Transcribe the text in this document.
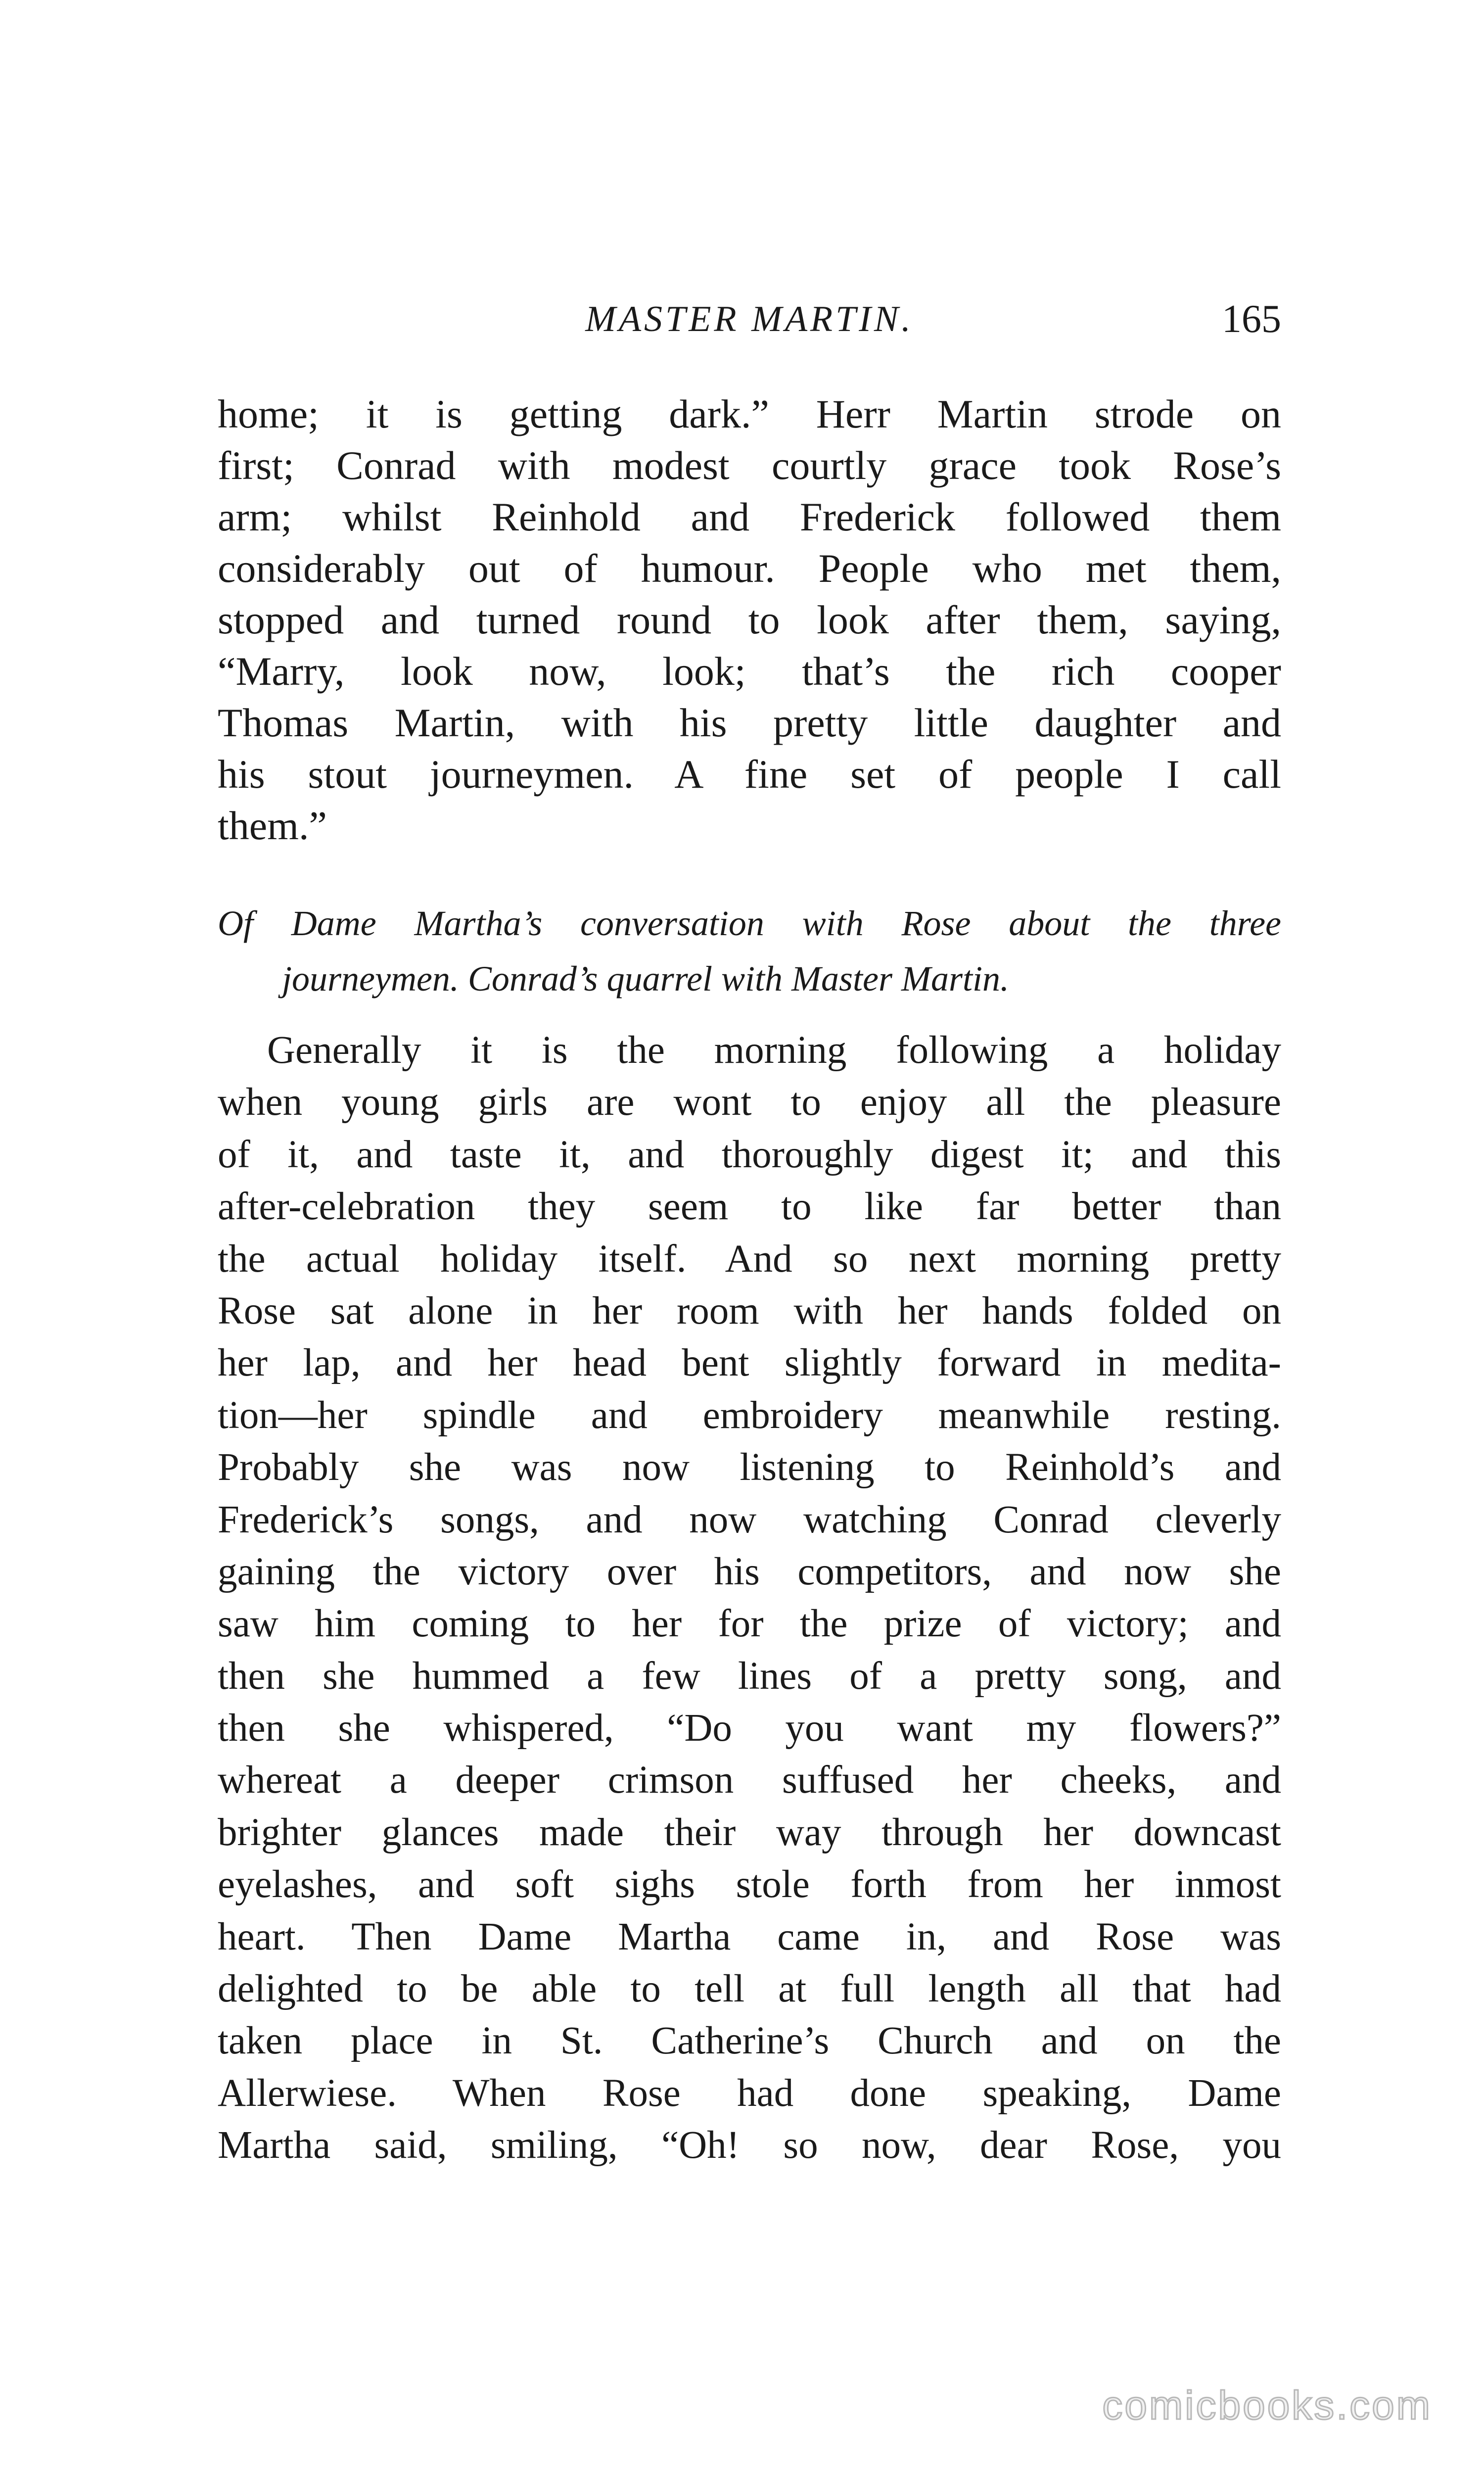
MASTER MARTIN.	165
home; it is getting dark.” Herr Martin strode on
first; Conrad with modest courtly grace took Rose’s
arm; whilst Reinhold and Frederick followed them
considerably out of humour. People who met them,
stopped and turned round to look after them, saying,
“Marry, look now, look; that’s the rich cooper
Thomas Martin, with his pretty little daughter and
his stout journeymen. A fine set of people I call
them.”
Of Dame Martha’s conversation with Rose about the three
journeymen. Conrad’s quarrel with Master Martin.
Generally it is the morning following a holiday
when young girls are wont to enjoy all the pleasure
of it, and taste it, and thoroughly digest it; and this
after-celebration they seem to like far better than
the actual holiday itself. And so next morning pretty
Rose sat alone in her room with her hands folded on
her lap, and her head bent slightly forward in medita-
tion—her spindle and embroidery meanwhile resting.
Probably she was now listening to Reinhold’s and
Frederick’s songs, and now watching Conrad cleverly
gaining the victory over his competitors, and now she
saw him coming to her for the prize of victory; and
then she hummed a few lines of a pretty song, and
then she whispered, “Do you want my flowers?”
whereat a deeper crimson suffused her cheeks, and
brighter glances made their way through her downcast
eyelashes, and soft sighs stole forth from her inmost
heart. Then Dame Martha came in, and Rose was
delighted to be able to tell at full length all that had
taken place in St. Catherine’s Church and on the
Allerwiese. When Rose had done speaking, Dame
Martha said, smiling, “Oh! so now, dear Rose, you
comicbooks.com
